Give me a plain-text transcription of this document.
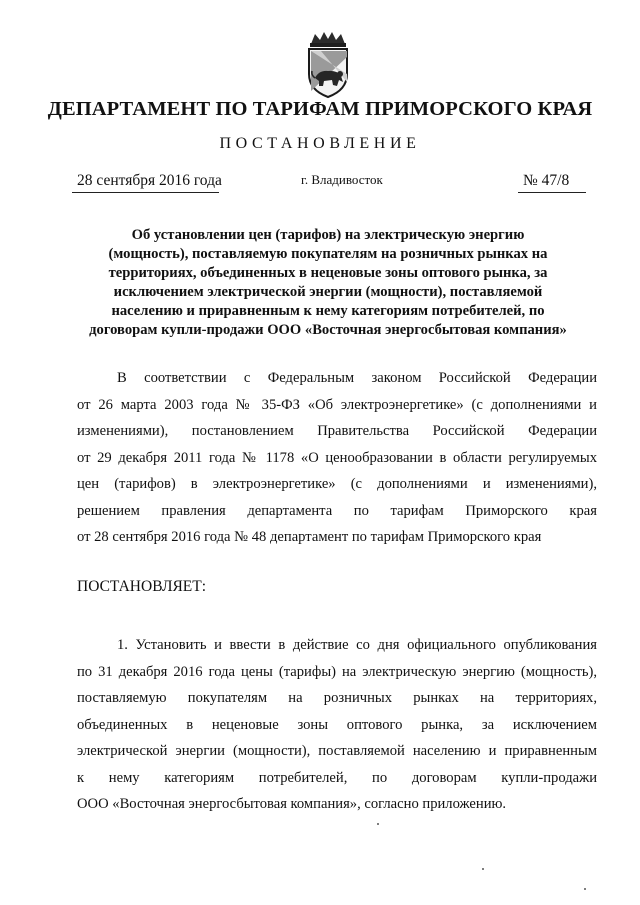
ДЕПАРТАМЕНТ ПО ТАРИФАМ ПРИМОРСКОГО КРАЯ
ПОСТАНОВЛЕНИЕ
28 сентября 2016 года	г. Владивосток	№ 47/8
Об установлении цен (тарифов) на электрическую энергию
(мощность), поставляемую покупателям на розничных рынках на
территориях, объединенных в неценовые зоны оптового рынка, за
исключением электрической энергии (мощности), поставляемой
населению и приравненным к нему категориям потребителей, по
договорам купли-продажи ООО «Восточная энергосбытовая компания»
В соответствии с Федеральным законом Российской Федерации
от 26 марта 2003 года № 35-ФЗ «Об электроэнергетике» (с дополнениями и
изменениями), постановлением Правительства Российской Федерации
от 29 декабря 2011 года № 1178 «О ценообразовании в области регулируемых
цен (тарифов) в электроэнергетике» (с дополнениями и изменениями),
решением правления департамента по тарифам Приморского края
от 28 сентября 2016 года № 48 департамент по тарифам Приморского края
ПОСТАНОВЛЯЕТ:
1. Установить и ввести в действие со дня официального опубликования
по 31 декабря 2016 года цены (тарифы) на электрическую энергию (мощность),
поставляемую покупателям на розничных рынках на территориях,
объединенных в неценовые зоны оптового рынка, за исключением
электрической энергии (мощности), поставляемой населению и приравненным
к нему категориям потребителей, по договорам купли-продажи
ООО «Восточная энергосбытовая компания», согласно приложению.
